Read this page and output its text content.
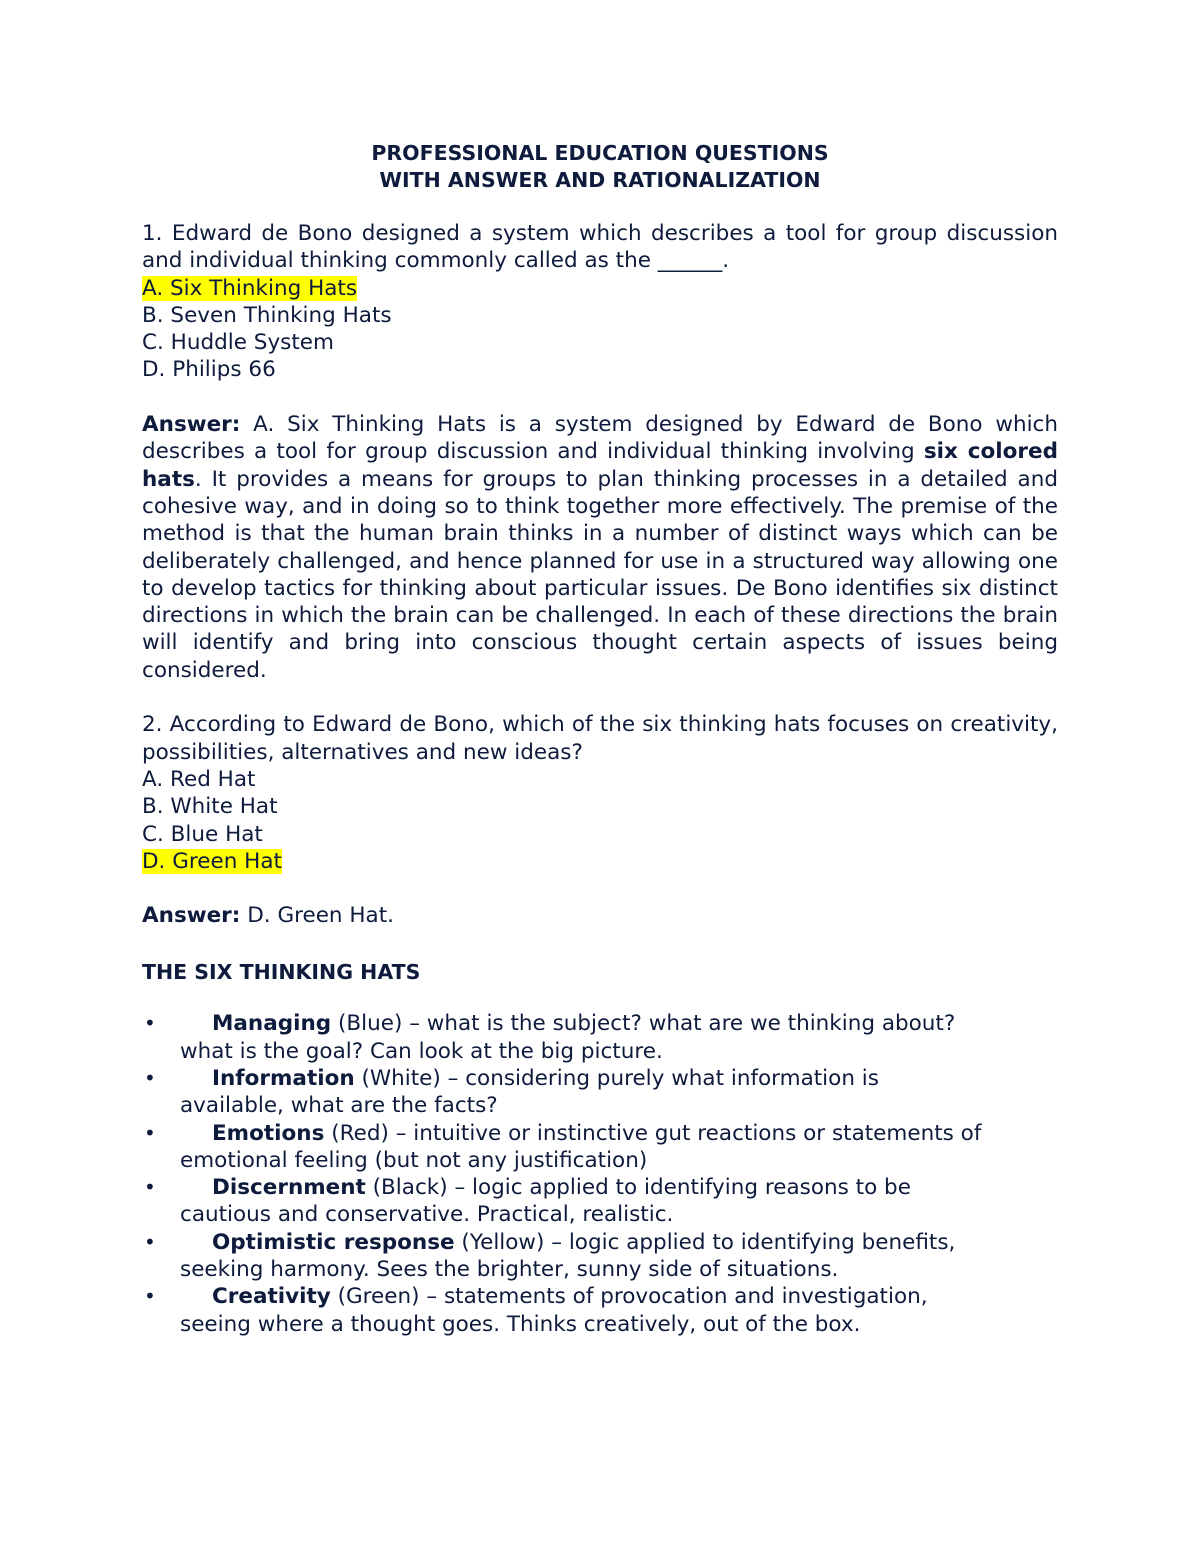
PROFESSIONAL EDUCATION QUESTIONS
WITH ANSWER AND RATIONALIZATION
1. Edward de Bono designed a system which describes a tool for group discussion and individual thinking commonly called as the ______.
A. Six Thinking Hats
B. Seven Thinking Hats
C. Huddle System
D. Philips 66
Answer: A. Six Thinking Hats is a system designed by Edward de Bono which describes a tool for group discussion and individual thinking involving six colored hats. It provides a means for groups to plan thinking processes in a detailed and cohesive way, and in doing so to think together more effectively. The premise of the method is that the human brain thinks in a number of distinct ways which can be deliberately challenged, and hence planned for use in a structured way allowing one to develop tactics for thinking about particular issues. De Bono identifies six distinct directions in which the brain can be challenged. In each of these directions the brain will identify and bring into conscious thought certain aspects of issues being considered.
2. According to Edward de Bono, which of the six thinking hats focuses on creativity, possibilities, alternatives and new ideas?
A. Red Hat
B. White Hat
C. Blue Hat
D. Green Hat
Answer: D. Green Hat.
THE SIX THINKING HATS
•	Managing (Blue) – what is the subject? what are we thinking about?
what is the goal? Can look at the big picture.
•	Information (White) – considering purely what information is
available, what are the facts?
•	Emotions (Red) – intuitive or instinctive gut reactions or statements of
emotional feeling (but not any justification)
•	Discernment (Black) – logic applied to identifying reasons to be
cautious and conservative. Practical, realistic.
•	Optimistic response (Yellow) – logic applied to identifying benefits,
seeking harmony. Sees the brighter, sunny side of situations.
•	Creativity (Green) – statements of provocation and investigation,
seeing where a thought goes. Thinks creatively, out of the box.
